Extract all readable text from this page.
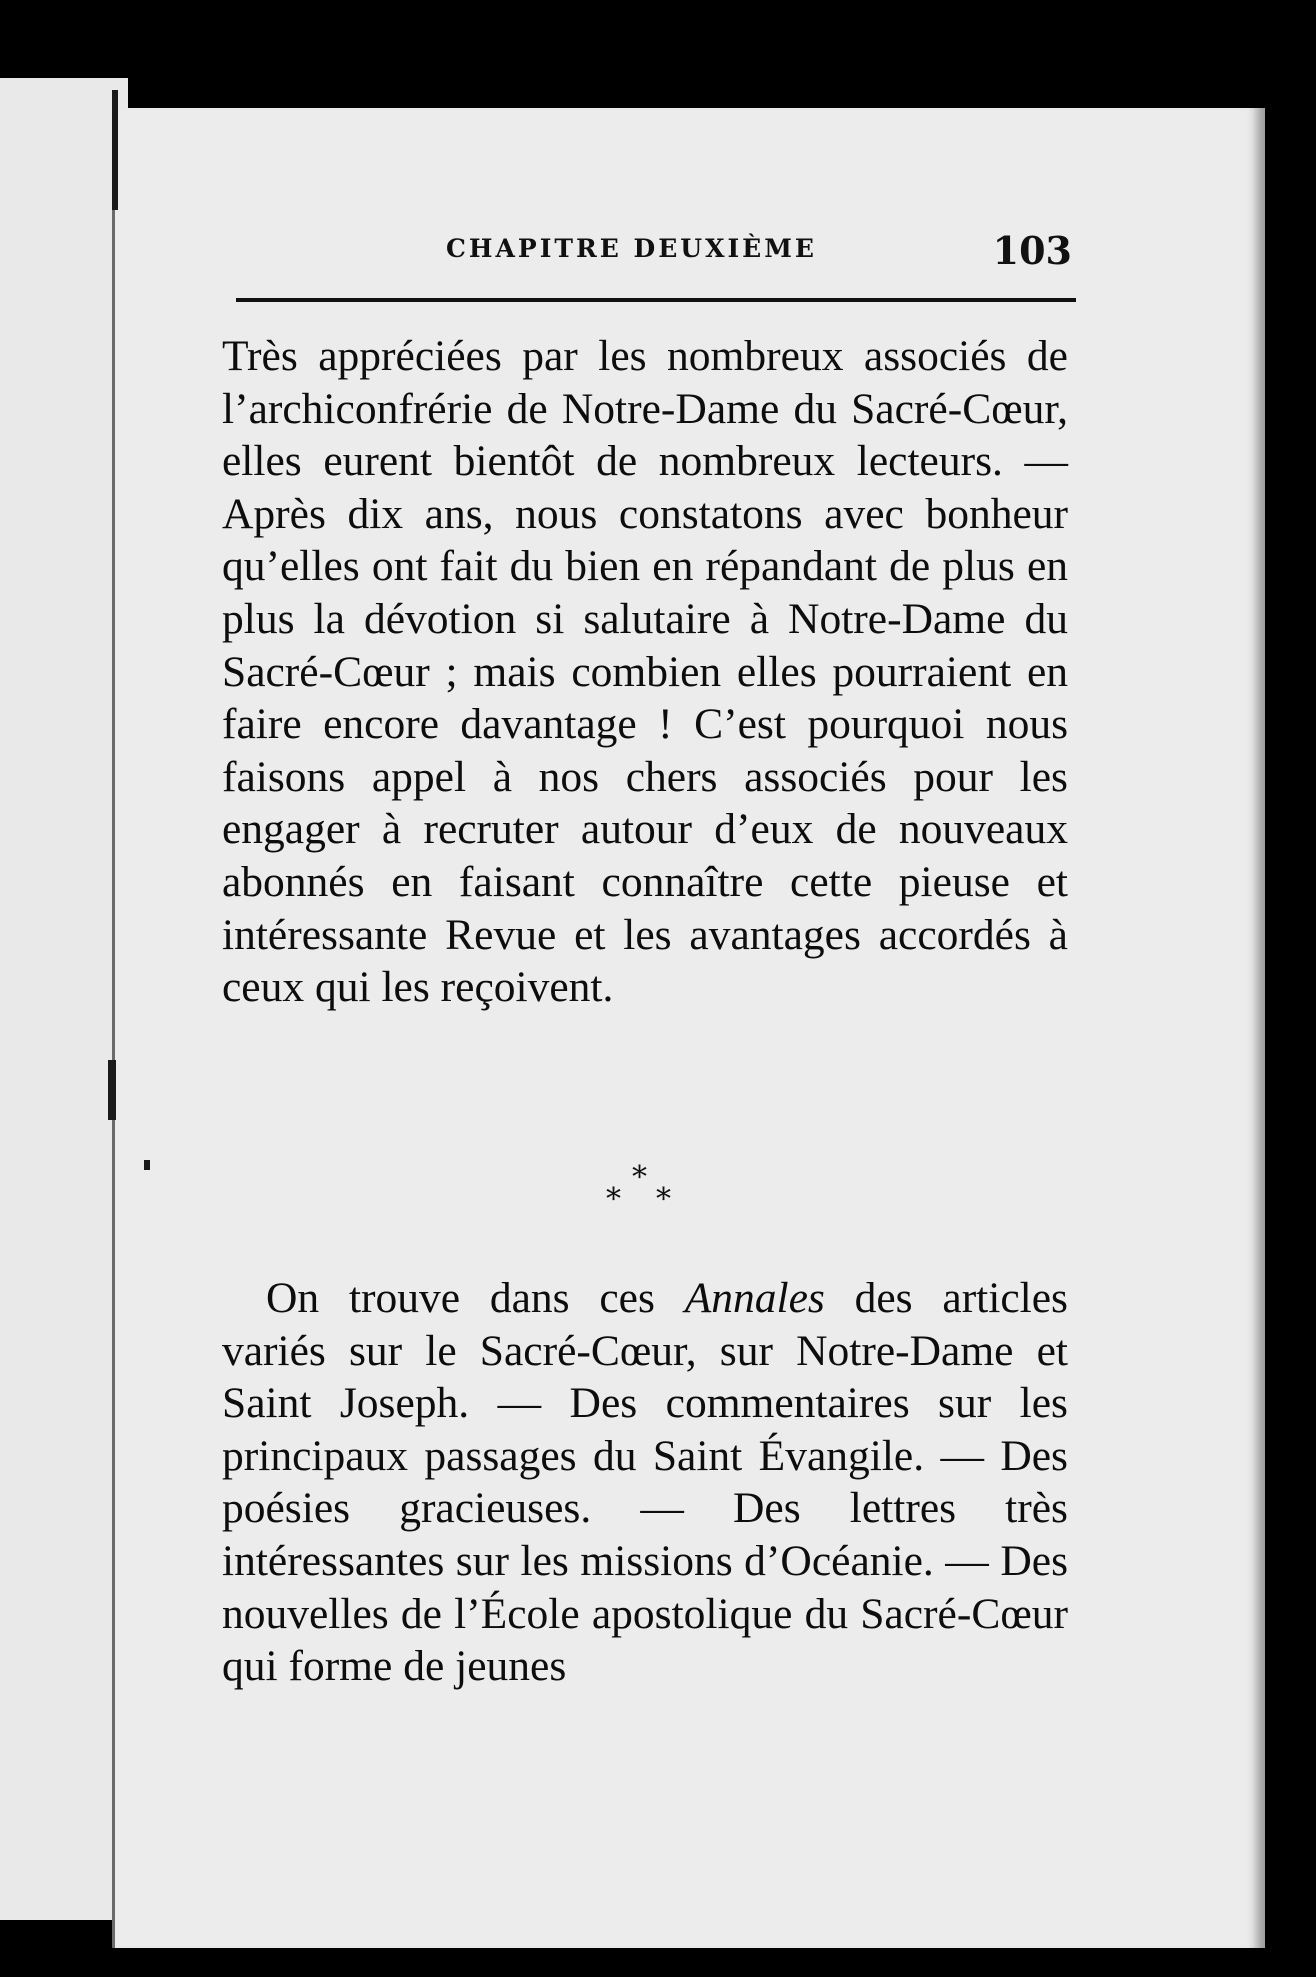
CHAPITRE DEUXIÈME	103
Très appréciées par les nombreux associés de l’archiconfrérie de Notre-Dame du Sacré-Cœur, elles eurent bientôt de nombreux lecteurs. — Après dix ans, nous constatons avec bonheur qu’elles ont fait du bien en répandant de plus en plus la dévotion si salutaire à Notre-Dame du Sacré-Cœur ; mais combien elles pourraient en faire encore davantage ! C’est pourquoi nous faisons appel à nos chers associés pour les engager à recruter autour d’eux de nouveaux abonnés en faisant connaître cette pieuse et intéressante Revue et les avantages accordés à ceux qui les reçoivent.
*
*
*
On trouve dans ces Annales des articles variés sur le Sacré-Cœur, sur Notre-Dame et Saint Joseph. — Des commentaires sur les principaux passages du Saint Évangile. — Des poésies gracieuses. — Des lettres très intéressantes sur les missions d’Océanie. — Des nouvelles de l’École apostolique du Sacré-Cœur qui forme de jeunes
